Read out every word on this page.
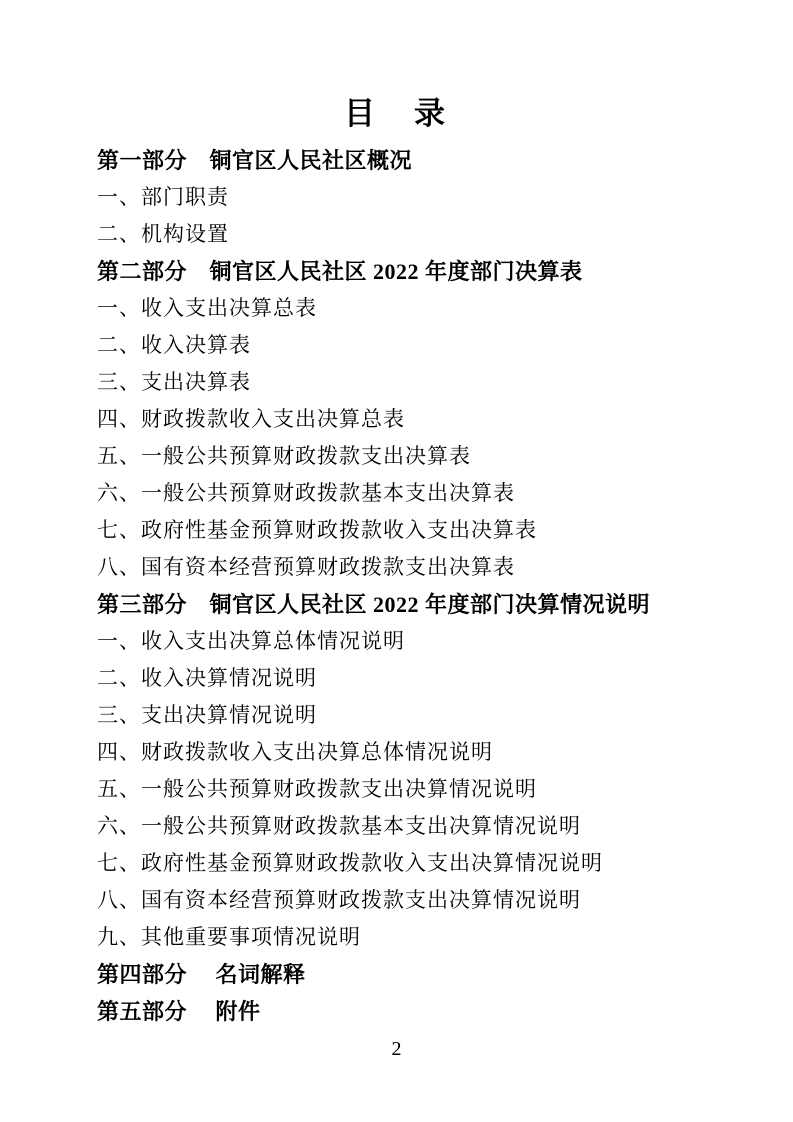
目　录
第一部分　铜官区人民社区概况
一、部门职责
二、机构设置
第二部分　铜官区人民社区 2022 年度部门决算表
一、收入支出决算总表
二、收入决算表
三、支出决算表
四、财政拨款收入支出决算总表
五、一般公共预算财政拨款支出决算表
六、一般公共预算财政拨款基本支出决算表
七、政府性基金预算财政拨款收入支出决算表
八、国有资本经营预算财政拨款支出决算表
第三部分　铜官区人民社区 2022 年度部门决算情况说明
一、收入支出决算总体情况说明
二、收入决算情况说明
三、支出决算情况说明
四、财政拨款收入支出决算总体情况说明
五、一般公共预算财政拨款支出决算情况说明
六、一般公共预算财政拨款基本支出决算情况说明
七、政府性基金预算财政拨款收入支出决算情况说明
八、国有资本经营预算财政拨款支出决算情况说明
九、其他重要事项情况说明
第四部分　 名词解释
第五部分　 附件
2
